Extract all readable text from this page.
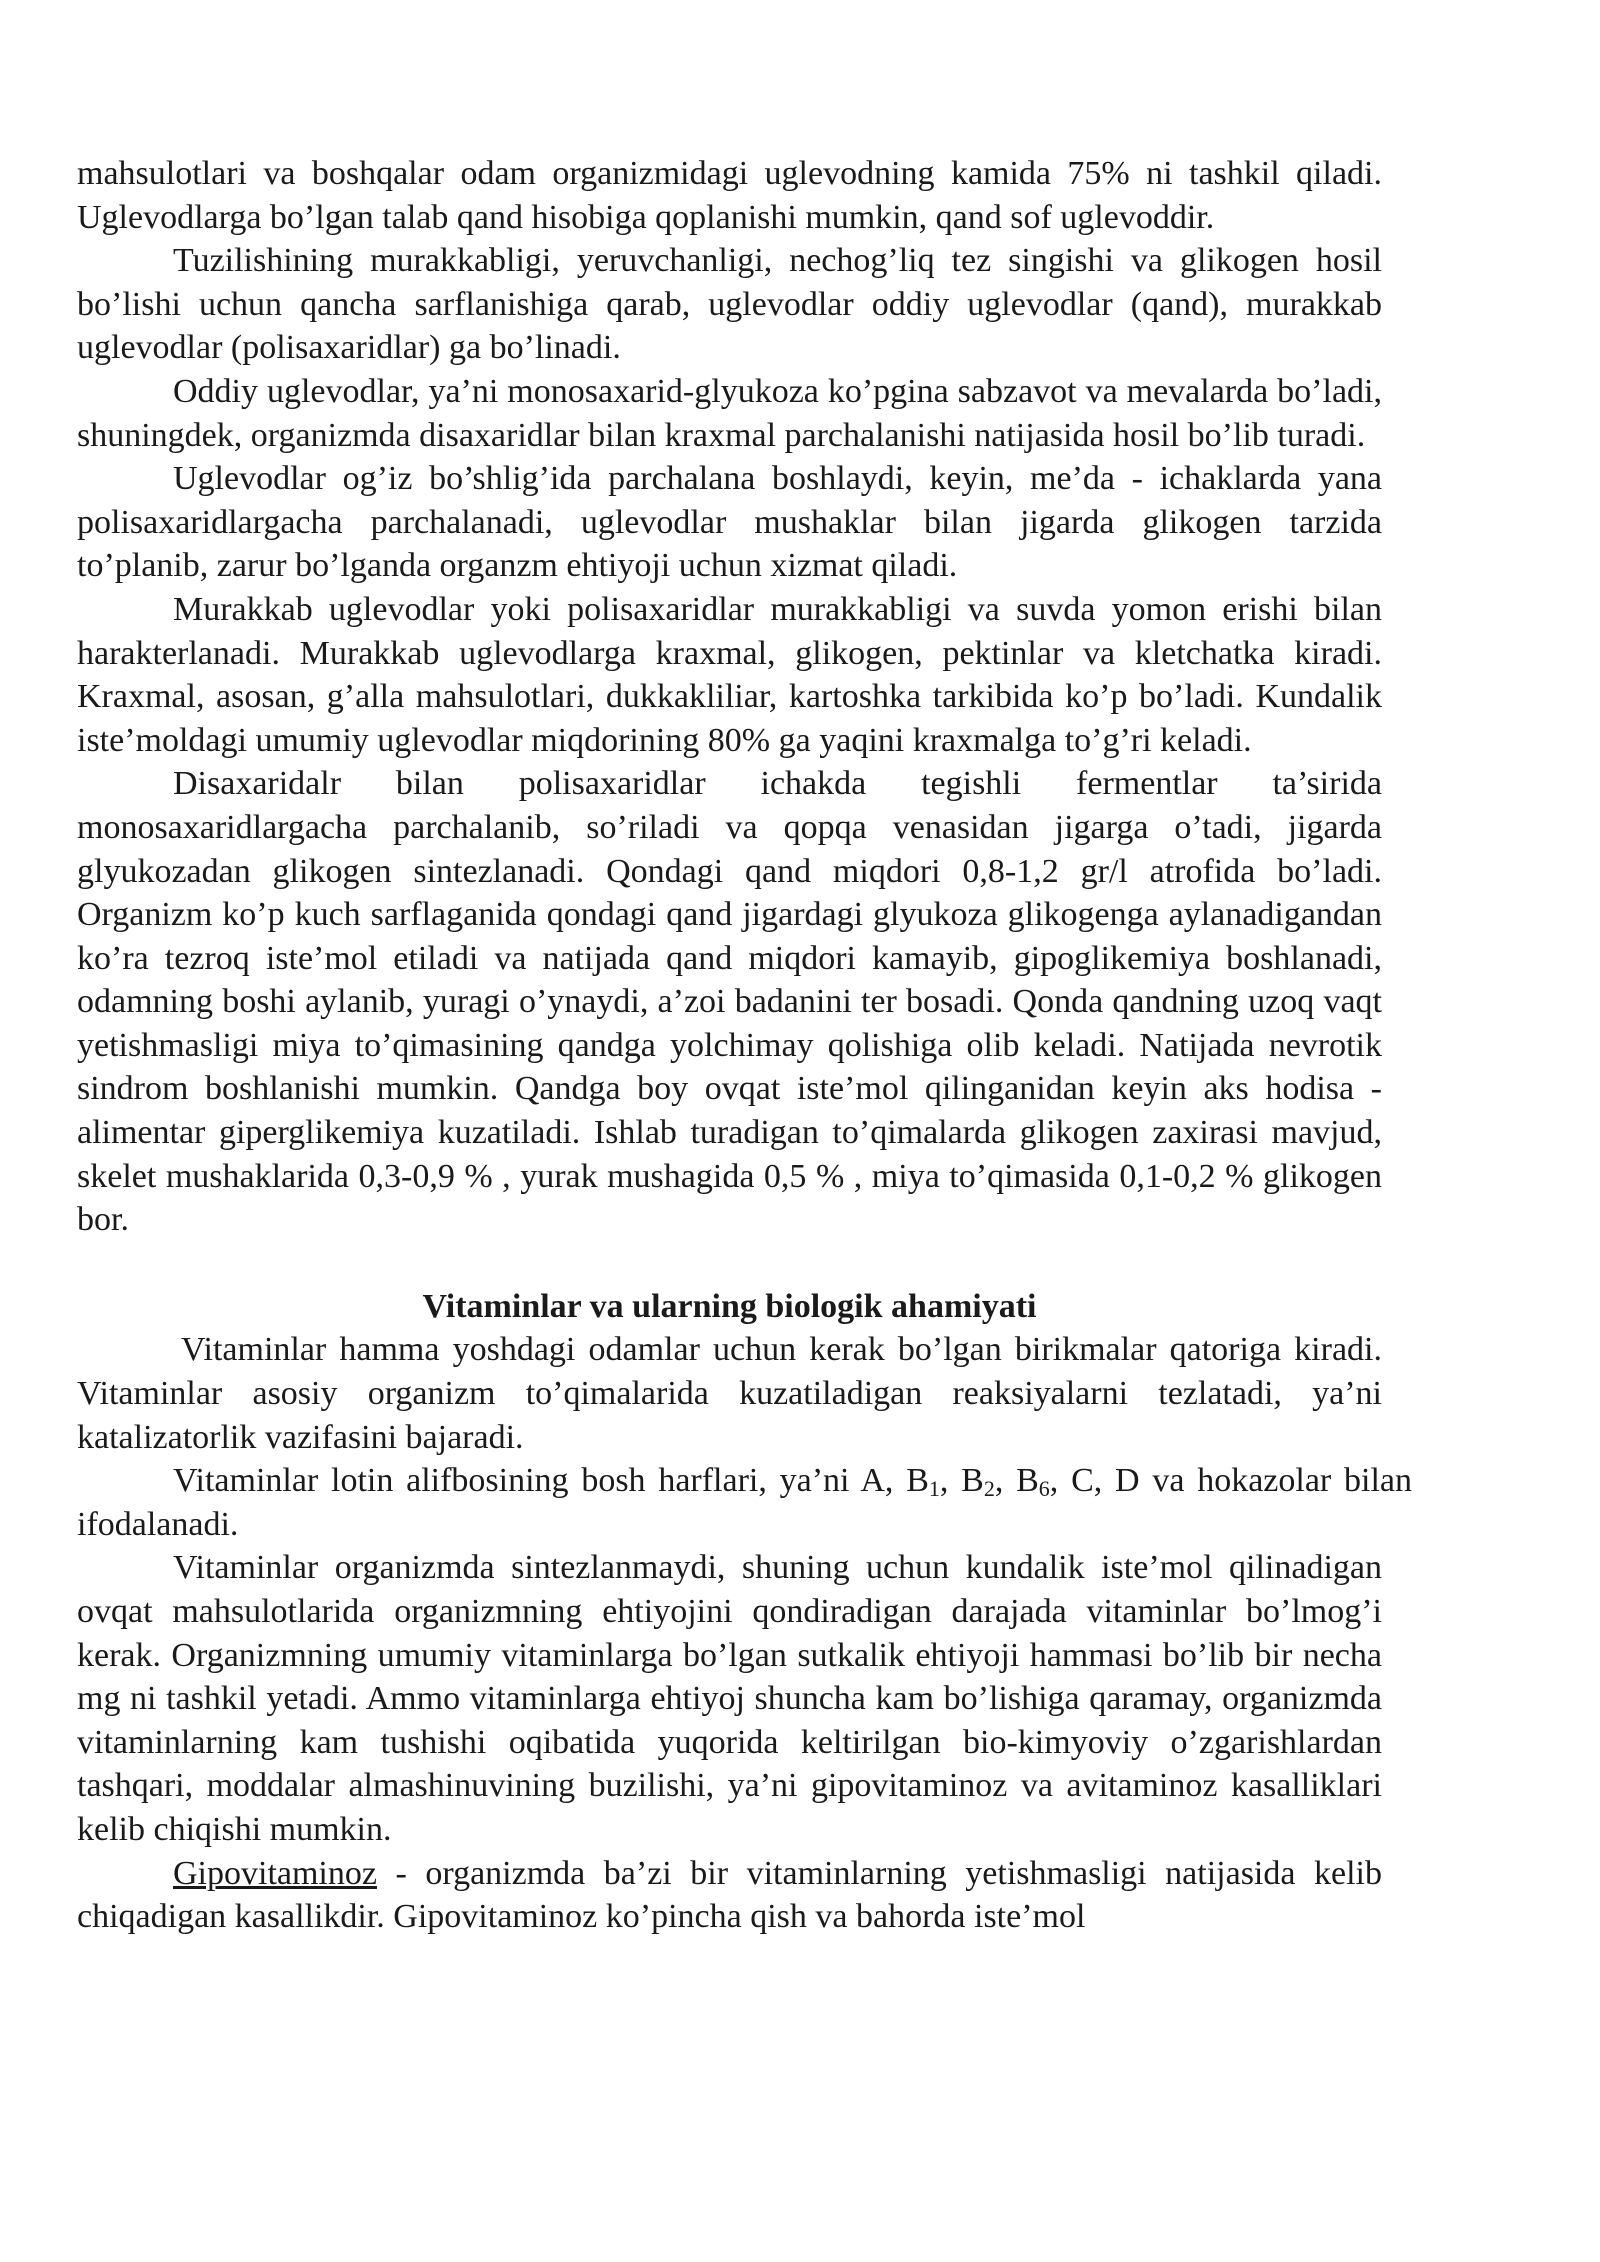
mahsulotlari va boshqalar odam organizmidagi uglevodning kamida 75% ni tashkil qiladi. Uglevodlarga bo’lgan talab qand hisobiga qoplanishi mumkin, qand sof uglevoddir.

Tuzilishining murakkabligi, yeruvchanligi, nechog’liq tez singishi va glikogen hosil bo’lishi uchun qancha sarflanishiga qarab, uglevodlar oddiy uglevodlar (qand), murakkab uglevodlar (polisaxaridlar) ga bo’linadi.

Oddiy uglevodlar, ya’ni monosaxarid-glyukoza ko’pgina sabzavot va mevalarda bo’ladi, shuningdek, organizmda disaxaridlar bilan kraxmal parchalanishi natijasida hosil bo’lib turadi.

Uglevodlar og’iz bo’shlig’ida parchalana boshlaydi, keyin, me’da - ichaklarda yana polisaxaridlargacha parchalanadi, uglevodlar mushaklar bilan jigarda glikogen tarzida to’planib, zarur bo’lganda organzm ehtiyoji uchun xizmat qiladi.

Murakkab uglevodlar yoki polisaxaridlar murakkabligi va suvda yomon erishi bilan harakterlanadi. Murakkab uglevodlarga kraxmal, glikogen, pektinlar va kletchatka kiradi. Kraxmal, asosan, g’alla mahsulotlari, dukkakliliar, kartoshka tarkibida ko’p bo’ladi. Kundalik iste’moldagi umumiy uglevodlar miqdorining 80% ga yaqini kraxmalga to’g’ri keladi.

Disaxaridalr bilan polisaxaridlar ichakda tegishli fermentlar ta’sirida monosaxaridlargacha parchalanib, so’riladi va qopqa venasidan jigarga o’tadi, jigarda glyukozadan glikogen sintezlanadi. Qondagi qand miqdori 0,8-1,2 gr/l atrofida bo’ladi. Organizm ko’p kuch sarflaganida qondagi qand jigardagi glyukoza glikogenga aylanadigandan ko’ra tezroq iste’mol etiladi va natijada qand miqdori kamayib, gipoglikemiya boshlanadi, odamning boshi aylanib, yuragi o’ynaydi, a’zoi badanini ter bosadi. Qonda qandning uzoq vaqt yetishmasligi miya to’qimasining qandga yolchimay qolishiga olib keladi. Natijada nevrotik sindrom boshlanishi mumkin. Qandga boy ovqat iste’mol qilinganidan keyin aks hodisa - alimentar giperglikemiya kuzatiladi. Ishlab turadigan to’qimalarda glikogen zaxirasi mavjud, skelet mushaklarida 0,3-0,9 % , yurak mushagida 0,5 % , miya to’qimasida 0,1-0,2 % glikogen bor.

Vitaminlar va ularning biologik ahamiyati

Vitaminlar hamma yoshdagi odamlar uchun kerak bo’lgan birikmalar qatoriga kiradi. Vitaminlar asosiy organizm to’qimalarida kuzatiladigan reaksiyalarni tezlatadi, ya’ni katalizatorlik vazifasini bajaradi.

Vitaminlar lotin alifbosining bosh harflari, ya’ni A, $B_1$, $B_2$, $B_6$, C, D va hokazolar bilan ifodalanadi.

Vitaminlar organizmda sintezlanmaydi, shuning uchun kundalik iste’mol qilinadigan ovqat mahsulotlarida organizmning ehtiyojini qondiradigan darajada vitaminlar bo’lmog’i kerak. Organizmning umumiy vitaminlarga bo’lgan sutkalik ehtiyoji hammasi bo’lib bir necha mg ni tashkil yetadi. Ammo vitaminlarga ehtiyoj shuncha kam bo’lishiga qaramay, organizmda vitaminlarning kam tushishi oqibatida yuqorida keltirilgan bio-kimyoviy o’zgarishlardan tashqari, moddalar almashinuvining buzilishi, ya’ni gipovitaminoz va avitaminoz kasalliklari kelib chiqishi mumkin.

Gipovitaminoz - organizmda ba’zi bir vitaminlarning yetishmasligi natijasida kelib chiqadigan kasallikdir. Gipovitaminoz ko’pincha qish va bahorda iste’mol
